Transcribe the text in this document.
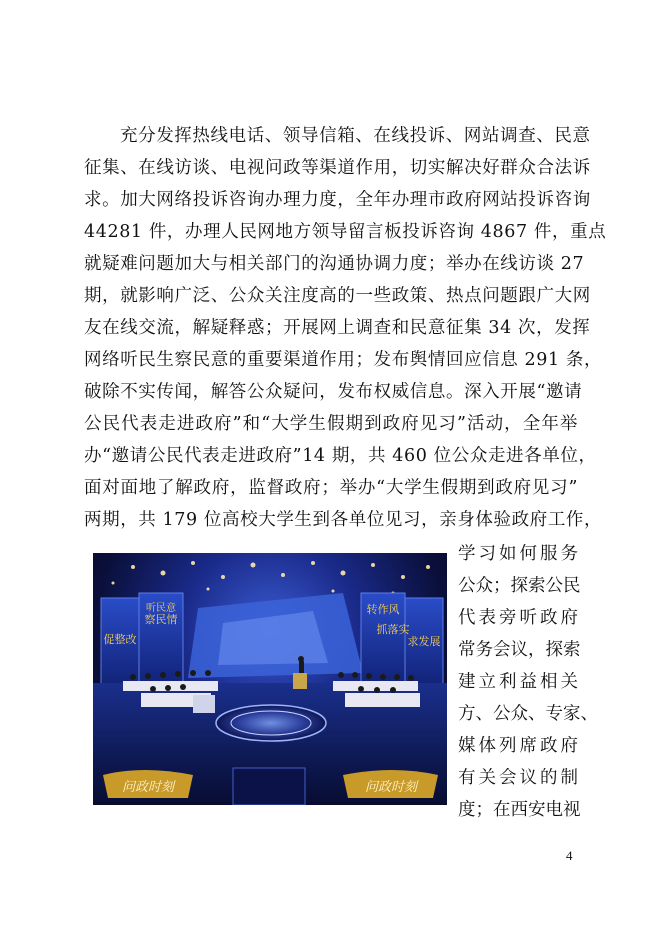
充分发挥热线电话、领导信箱、在线投诉、网站调查、民意
征集、在线访谈、电视问政等渠道作用，切实解决好群众合法诉
求。加大网络投诉咨询办理力度，全年办理市政府网站投诉咨询
44281 件，办理人民网地方领导留言板投诉咨询 4867 件，重点
就疑难问题加大与相关部门的沟通协调力度；举办在线访谈 27
期，就影响广泛、公众关注度高的一些政策、热点问题跟广大网
友在线交流，解疑释惑；开展网上调查和民意征集 34 次，发挥
网络听民生察民意的重要渠道作用；发布舆情回应信息 291 条，
破除不实传闻，解答公众疑问，发布权威信息。深入开展“邀请
公民代表走进政府”和“大学生假期到政府见习”活动，全年举
办“邀请公民代表走进政府”14 期，共 460 位公众走进各单位，
面对面地了解政府，监督政府；举办“大学生假期到政府见习”
两期，共 179 位高校大学生到各单位见习，亲身体验政府工作，
促整改
察民情
听民意	转作风
抓落实
求发展
问政时刻	问政时刻
学习如何服务
公众；探索公民
代表旁听政府
常务会议，探索
建立利益相关
方、公众、专家、
媒体列席政府
有关会议的制
度；在西安电视
4
